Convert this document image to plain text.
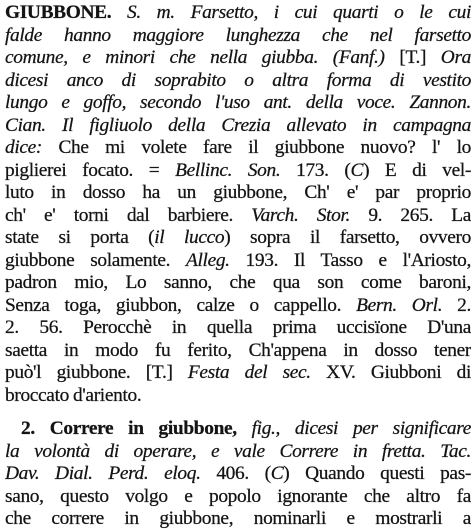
GIUBBONE. S. m. Farsetto, i cui quarti o le cui
falde hanno maggiore lunghezza che nel farsetto
comune, e minori che nella giubba. (Fanf.) [T.] Ora
dicesi anco di soprabito o altra forma di vestito
lungo e goffo, secondo l'uso ant. della voce. Zannon.
Cian. Il figliuolo della Crezia allevato in campagna
dice: Che mi volete fare il giubbone nuovo? l' lo
piglierei focato. = Bellinc. Son. 173. (C) E di vel-
luto in dosso ha un giubbone, Ch' e' par proprio
ch' e' torni dal barbiere. Varch. Stor. 9. 265. La
state si porta (il lucco) sopra il farsetto, ovvero
giubbone solamente. Alleg. 193. Il Tasso e l'Ariosto,
padron mio, Lo sanno, che qua son come baroni,
Senza toga, giubbon, calze o cappello. Bern. Orl. 2.
2. 56. Perocchè in quella prima uccisïone D'una
saetta in modo fu ferito, Ch'appena in dosso tener
può'l giubbone. [T.] Festa del sec. XV. Giubboni di
broccato d'ariento.
2. Correre in giubbone, fig., dicesi per significare
la volontà di operare, e vale Correre in fretta. Tac.
Dav. Dial. Perd. eloq. 406. (C) Quando questi pas-
sano, questo volgo e popolo ignorante che altro fa
che correre in giubbone, nominarli e mostrarli a
